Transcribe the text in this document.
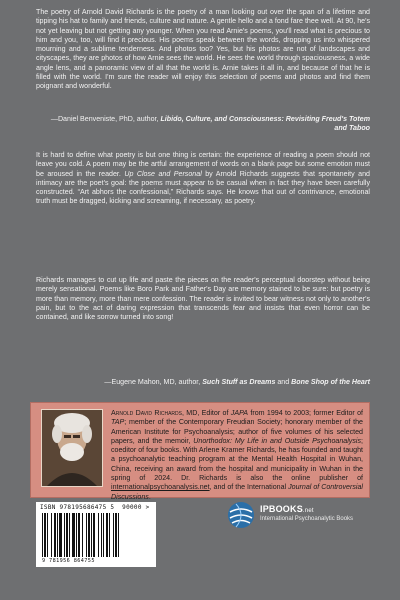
The poetry of Arnold David Richards is the poetry of a man looking out over the span of a lifetime and tipping his hat to family and friends, culture and nature. A gentle hello and a fond fare thee well. At 90, he's not yet leaving but not getting any younger. When you read Arnie's poems, you'll read what is precious to him and you, too, will find it precious. His poems speak between the words, dropping us into whispered mourning and a sublime tenderness. And photos too? Yes, but his photos are not of landscapes and cityscapes, they are photos of how Arnie sees the world. He sees the world through spaciousness, a wide angle lens, and a panoramic view of all that the world is. Arnie takes it all in, and because of that he is filled with the world. I'm sure the reader will enjoy this selection of poems and photos and find them poignant and wonderful.

—Daniel Benveniste, PhD, author, Libido, Culture, and Consciousness: Revisiting Freud's Totem and Taboo

It is hard to define what poetry is but one thing is certain: the experience of reading a poem should not leave you cold. A poem may be the artful arrangement of words on a blank page but some emotion must be aroused in the reader. Up Close and Personal by Arnold Richards suggests that spontaneity and intimacy are the poet's goal: the poems must appear to be casual when in fact they have been carefully constructed. “Art abhors the confessional,” Richards says. He knows that out of contrivance, emotional truth must be dragged, kicking and screaming, if necessary, as poetry.

Richards manages to cut up life and paste the pieces on the reader's perceptual doorstep without being merely sensational. Poems like Boro Park and Father's Day are memory stained to be sure: but poetry is more than memory, more than mere confession. The reader is invited to bear witness not only to another's pain, but to the act of daring expression that transcends fear and insists that even horror can be contained, and like sorrow turned into song!

—Eugene Mahon, MD, author, Such Stuff as Dreams and Bone Shop of the Heart

Arnold David Richards, MD, Editor of JAPA from 1994 to 2003; former Editor of TAP; member of the Contemporary Freudian Society; honorary member of the American Institute for Psychoanalysis; author of five volumes of his selected papers, and the memoir, Unorthodox: My Life in and Outside Psychoanalysis; coeditor of four books. With Arlene Kramer Richards, he has founded and taught a psychoanalytic teaching program at the Mental Health Hospital in Wuhan, China, receiving an award from the hospital and municipality in Wuhan in the spring of 2024. Dr. Richards is also the online publisher of internationalpsychoanalysis.net, and of the International Journal of Controversial Discussions.

ISBN 978195686475 5 90000 >
9 781956 864755
IPBOOKS.net
International Psychoanalytic Books
